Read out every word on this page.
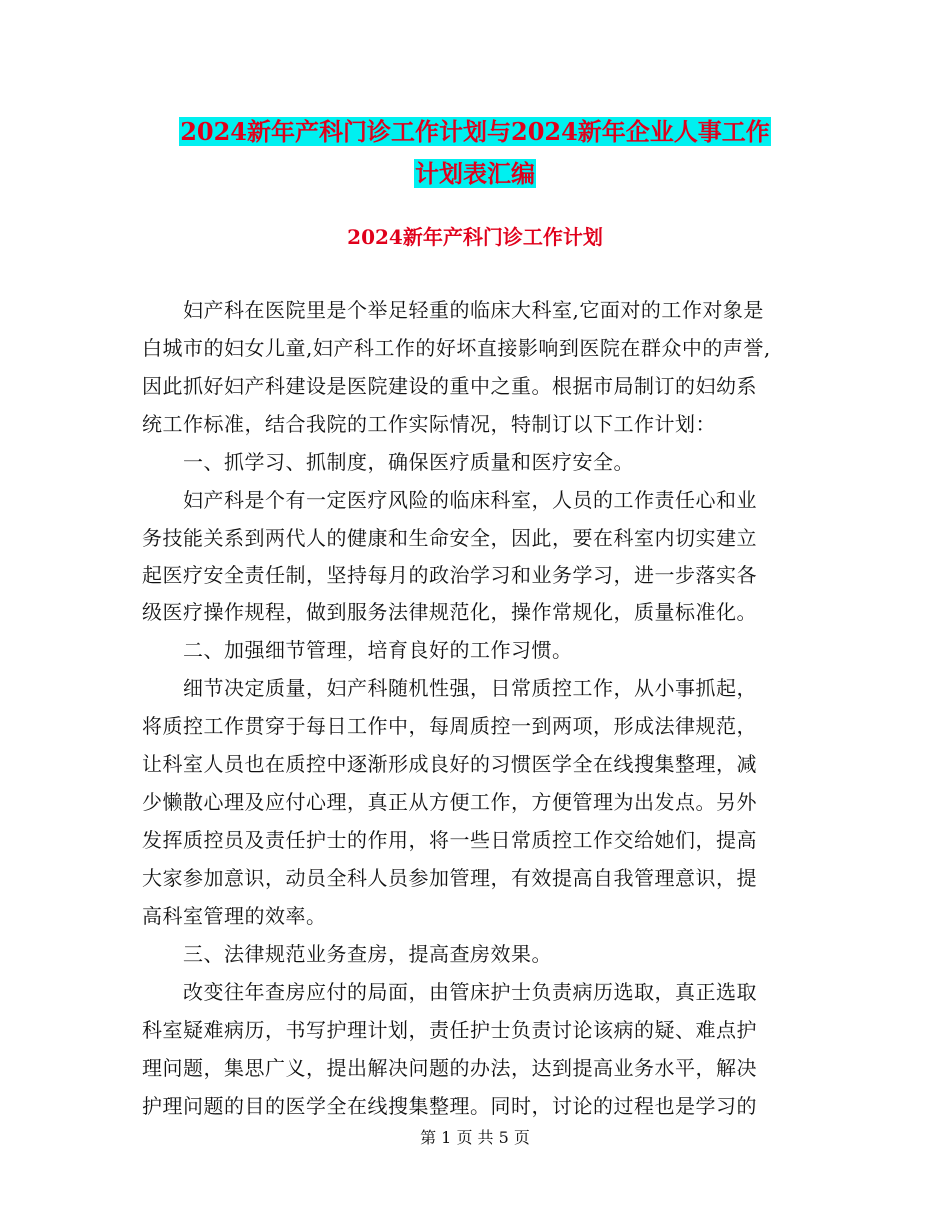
2024新年产科门诊工作计划与2024新年企业人事工作
计划表汇编
2024新年产科门诊工作计划
　　妇产科在医院里是个举足轻重的临床大科室,它面对的工作对象是
白城市的妇女儿童,妇产科工作的好坏直接影响到医院在群众中的声誉,
因此抓好妇产科建设是医院建设的重中之重。根据市局制订的妇幼系
统工作标准，结合我院的工作实际情况，特制订以下工作计划：
　　一、抓学习、抓制度，确保医疗质量和医疗安全。
　　妇产科是个有一定医疗风险的临床科室，人员的工作责任心和业
务技能关系到两代人的健康和生命安全，因此，要在科室内切实建立
起医疗安全责任制，坚持每月的政治学习和业务学习，进一步落实各
级医疗操作规程，做到服务法律规范化，操作常规化，质量标准化。
　　二、加强细节管理，培育良好的工作习惯。
　　细节决定质量，妇产科随机性强，日常质控工作，从小事抓起，
将质控工作贯穿于每日工作中，每周质控一到两项，形成法律规范，
让科室人员也在质控中逐渐形成良好的习惯医学全在线搜集整理，减
少懒散心理及应付心理，真正从方便工作，方便管理为出发点。另外
发挥质控员及责任护士的作用，将一些日常质控工作交给她们，提高
大家参加意识，动员全科人员参加管理，有效提高自我管理意识，提
高科室管理的效率。
　　三、法律规范业务查房，提高查房效果。
　　改变往年查房应付的局面，由管床护士负责病历选取，真正选取
科室疑难病历，书写护理计划，责任护士负责讨论该病的疑、难点护
理问题，集思广义，提出解决问题的办法，达到提高业务水平，解决
护理问题的目的医学全在线搜集整理。同时，讨论的过程也是学习的
第 1 页 共 5 页
